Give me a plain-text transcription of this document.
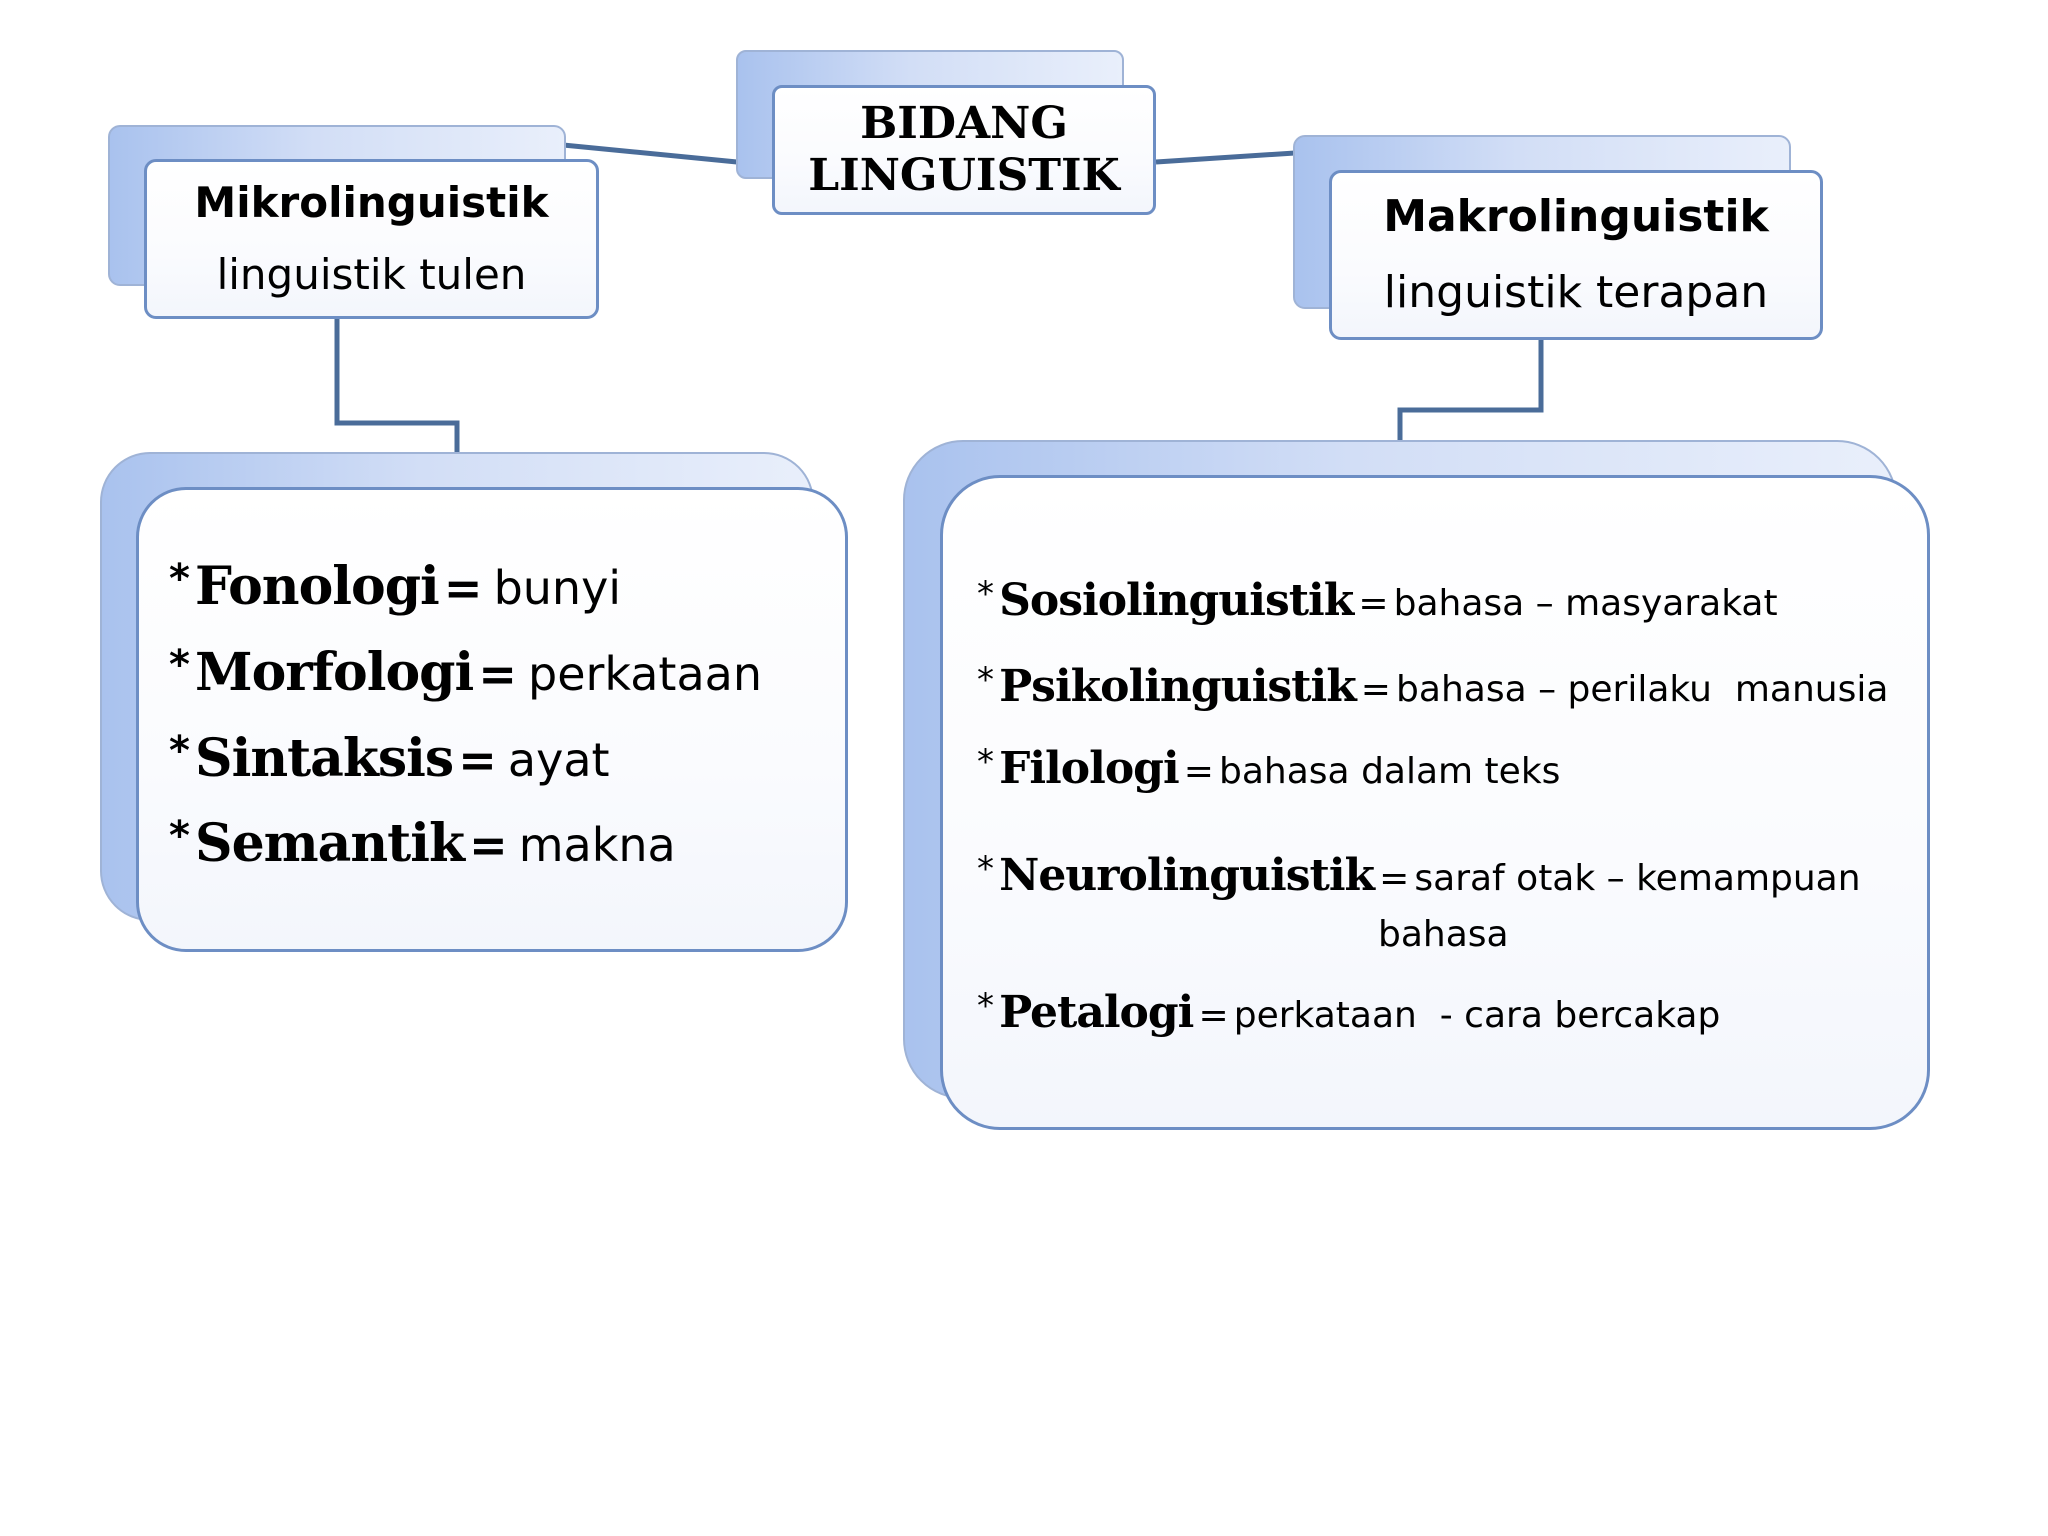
BIDANG
LINGUISTIK
Mikrolinguistik
linguistik tulen
Makrolinguistik
linguistik terapan
* Fonologi = bunyi
* Morfologi = perkataan
* Sintaksis = ayat
* Semantik = makna
* Sosiolinguistik = bahasa – masyarakat
* Psikolinguistik = bahasa – perilaku  manusia
* Filologi = bahasa dalam teks
* Neurolinguistik = saraf otak – kemampuan
bahasa
* Petalogi = perkataan  - cara bercakap
